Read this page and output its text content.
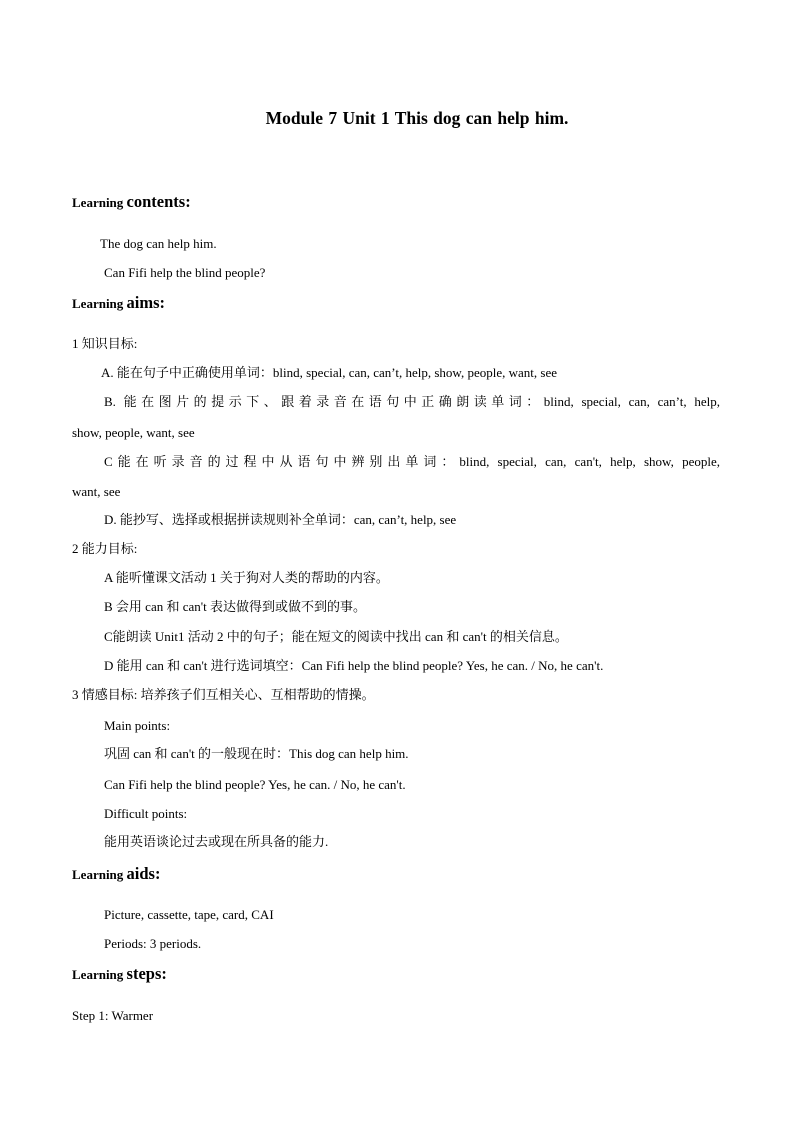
Module 7 Unit 1 This dog can help him.
Learning contents:
The dog can help him.
Can Fifi help the blind people?
Learning aims:
1 知识目标:
A. 能在句子中正确使用单词：blind, special, can, can’t, help, show, people, want, see
B. 能在图片的提示下、跟着录音在语句中正确朗读单词：blind, special, can, can’t, help,
show, people, want, see
C能在听录音的过程中从语句中辨别出单词：blind, special, can, can't, help, show, people,
want, see
D. 能抄写、选择或根据拼读规则补全单词：can, can’t, help, see
2 能力目标:
A 能听懂课文活动 1 关于狗对人类的帮助的内容。
B 会用 can 和 can't 表达做得到或做不到的事。
C能朗读 Unit1 活动 2 中的句子；能在短文的阅读中找出 can 和 can't 的相关信息。
D 能用 can 和 can't 进行选词填空：Can Fifi help the blind people? Yes, he can. / No, he can't.
3 情感目标: 培养孩子们互相关心、互相帮助的情操。
Main points:
巩固 can 和 can't 的一般现在时：This dog can help him.
Can Fifi help the blind people? Yes, he can. / No, he can't.
Difficult points:
能用英语谈论过去或现在所具备的能力.
Learning aids:
Picture, cassette, tape, card, CAI
Periods: 3 periods.
Learning steps:
Step 1: Warmer
